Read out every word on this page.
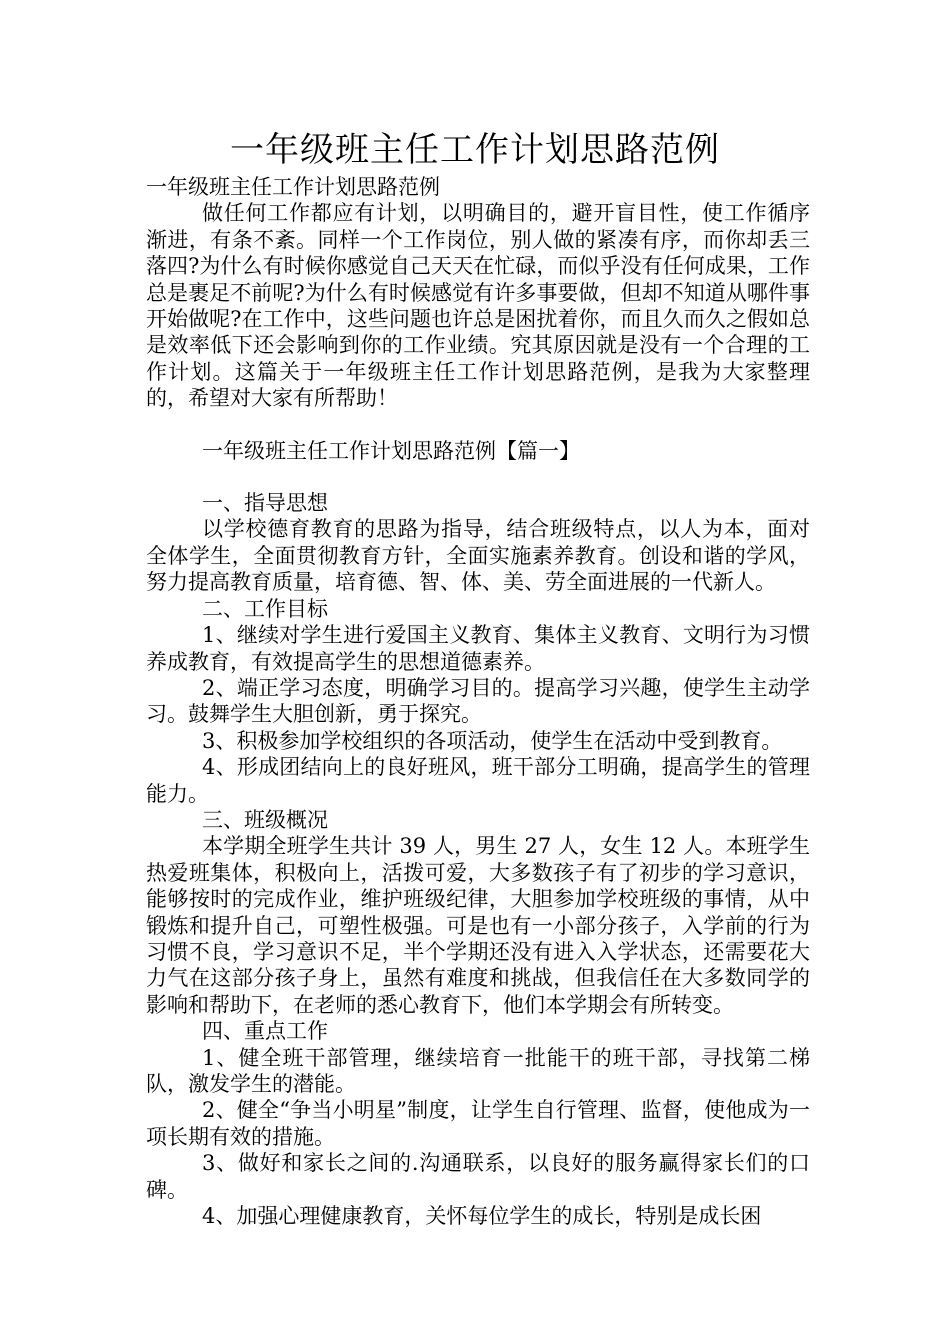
一年级班主任工作计划思路范例

一年级班主任工作计划思路范例

做任何工作都应有计划，以明确目的，避开盲目性，使工作循序渐进，有条不紊。同样一个工作岗位，别人做的紧凑有序，而你却丢三落四?为什么有时候你感觉自己天天在忙碌，而似乎没有任何成果，工作总是裹足不前呢?为什么有时候感觉有许多事要做，但却不知道从哪件事开始做呢?在工作中，这些问题也许总是困扰着你，而且久而久之假如总是效率低下还会影响到你的工作业绩。究其原因就是没有一个合理的工作计划。这篇关于一年级班主任工作计划思路范例，是我为大家整理的，希望对大家有所帮助！

一年级班主任工作计划思路范例【篇一】

一、指导思想

以学校德育教育的思路为指导，结合班级特点，以人为本，面对全体学生，全面贯彻教育方针，全面实施素养教育。创设和谐的学风，努力提高教育质量，培育德、智、体、美、劳全面进展的一代新人。

二、工作目标

1、继续对学生进行爱国主义教育、集体主义教育、文明行为习惯养成教育，有效提高学生的思想道德素养。

2、端正学习态度，明确学习目的。提高学习兴趣，使学生主动学习。鼓舞学生大胆创新，勇于探究。

3、积极参加学校组织的各项活动，使学生在活动中受到教育。

4、形成团结向上的良好班风，班干部分工明确，提高学生的管理能力。

三、班级概况

本学期全班学生共计 39 人，男生 27 人，女生 12 人。本班学生热爱班集体，积极向上，活拨可爱，大多数孩子有了初步的学习意识，能够按时的完成作业，维护班级纪律，大胆参加学校班级的事情，从中锻炼和提升自己，可塑性极强。可是也有一小部分孩子，入学前的行为习惯不良，学习意识不足，半个学期还没有进入入学状态，还需要花大力气在这部分孩子身上，虽然有难度和挑战，但我信任在大多数同学的影响和帮助下，在老师的悉心教育下，他们本学期会有所转变。

四、重点工作

1、健全班干部管理，继续培育一批能干的班干部，寻找第二梯队，激发学生的潜能。

2、健全“争当小明星”制度，让学生自行管理、监督，使他成为一项长期有效的措施。

3、做好和家长之间的.沟通联系，以良好的服务赢得家长们的口碑。

4、加强心理健康教育，关怀每位学生的成长，特别是成长困
